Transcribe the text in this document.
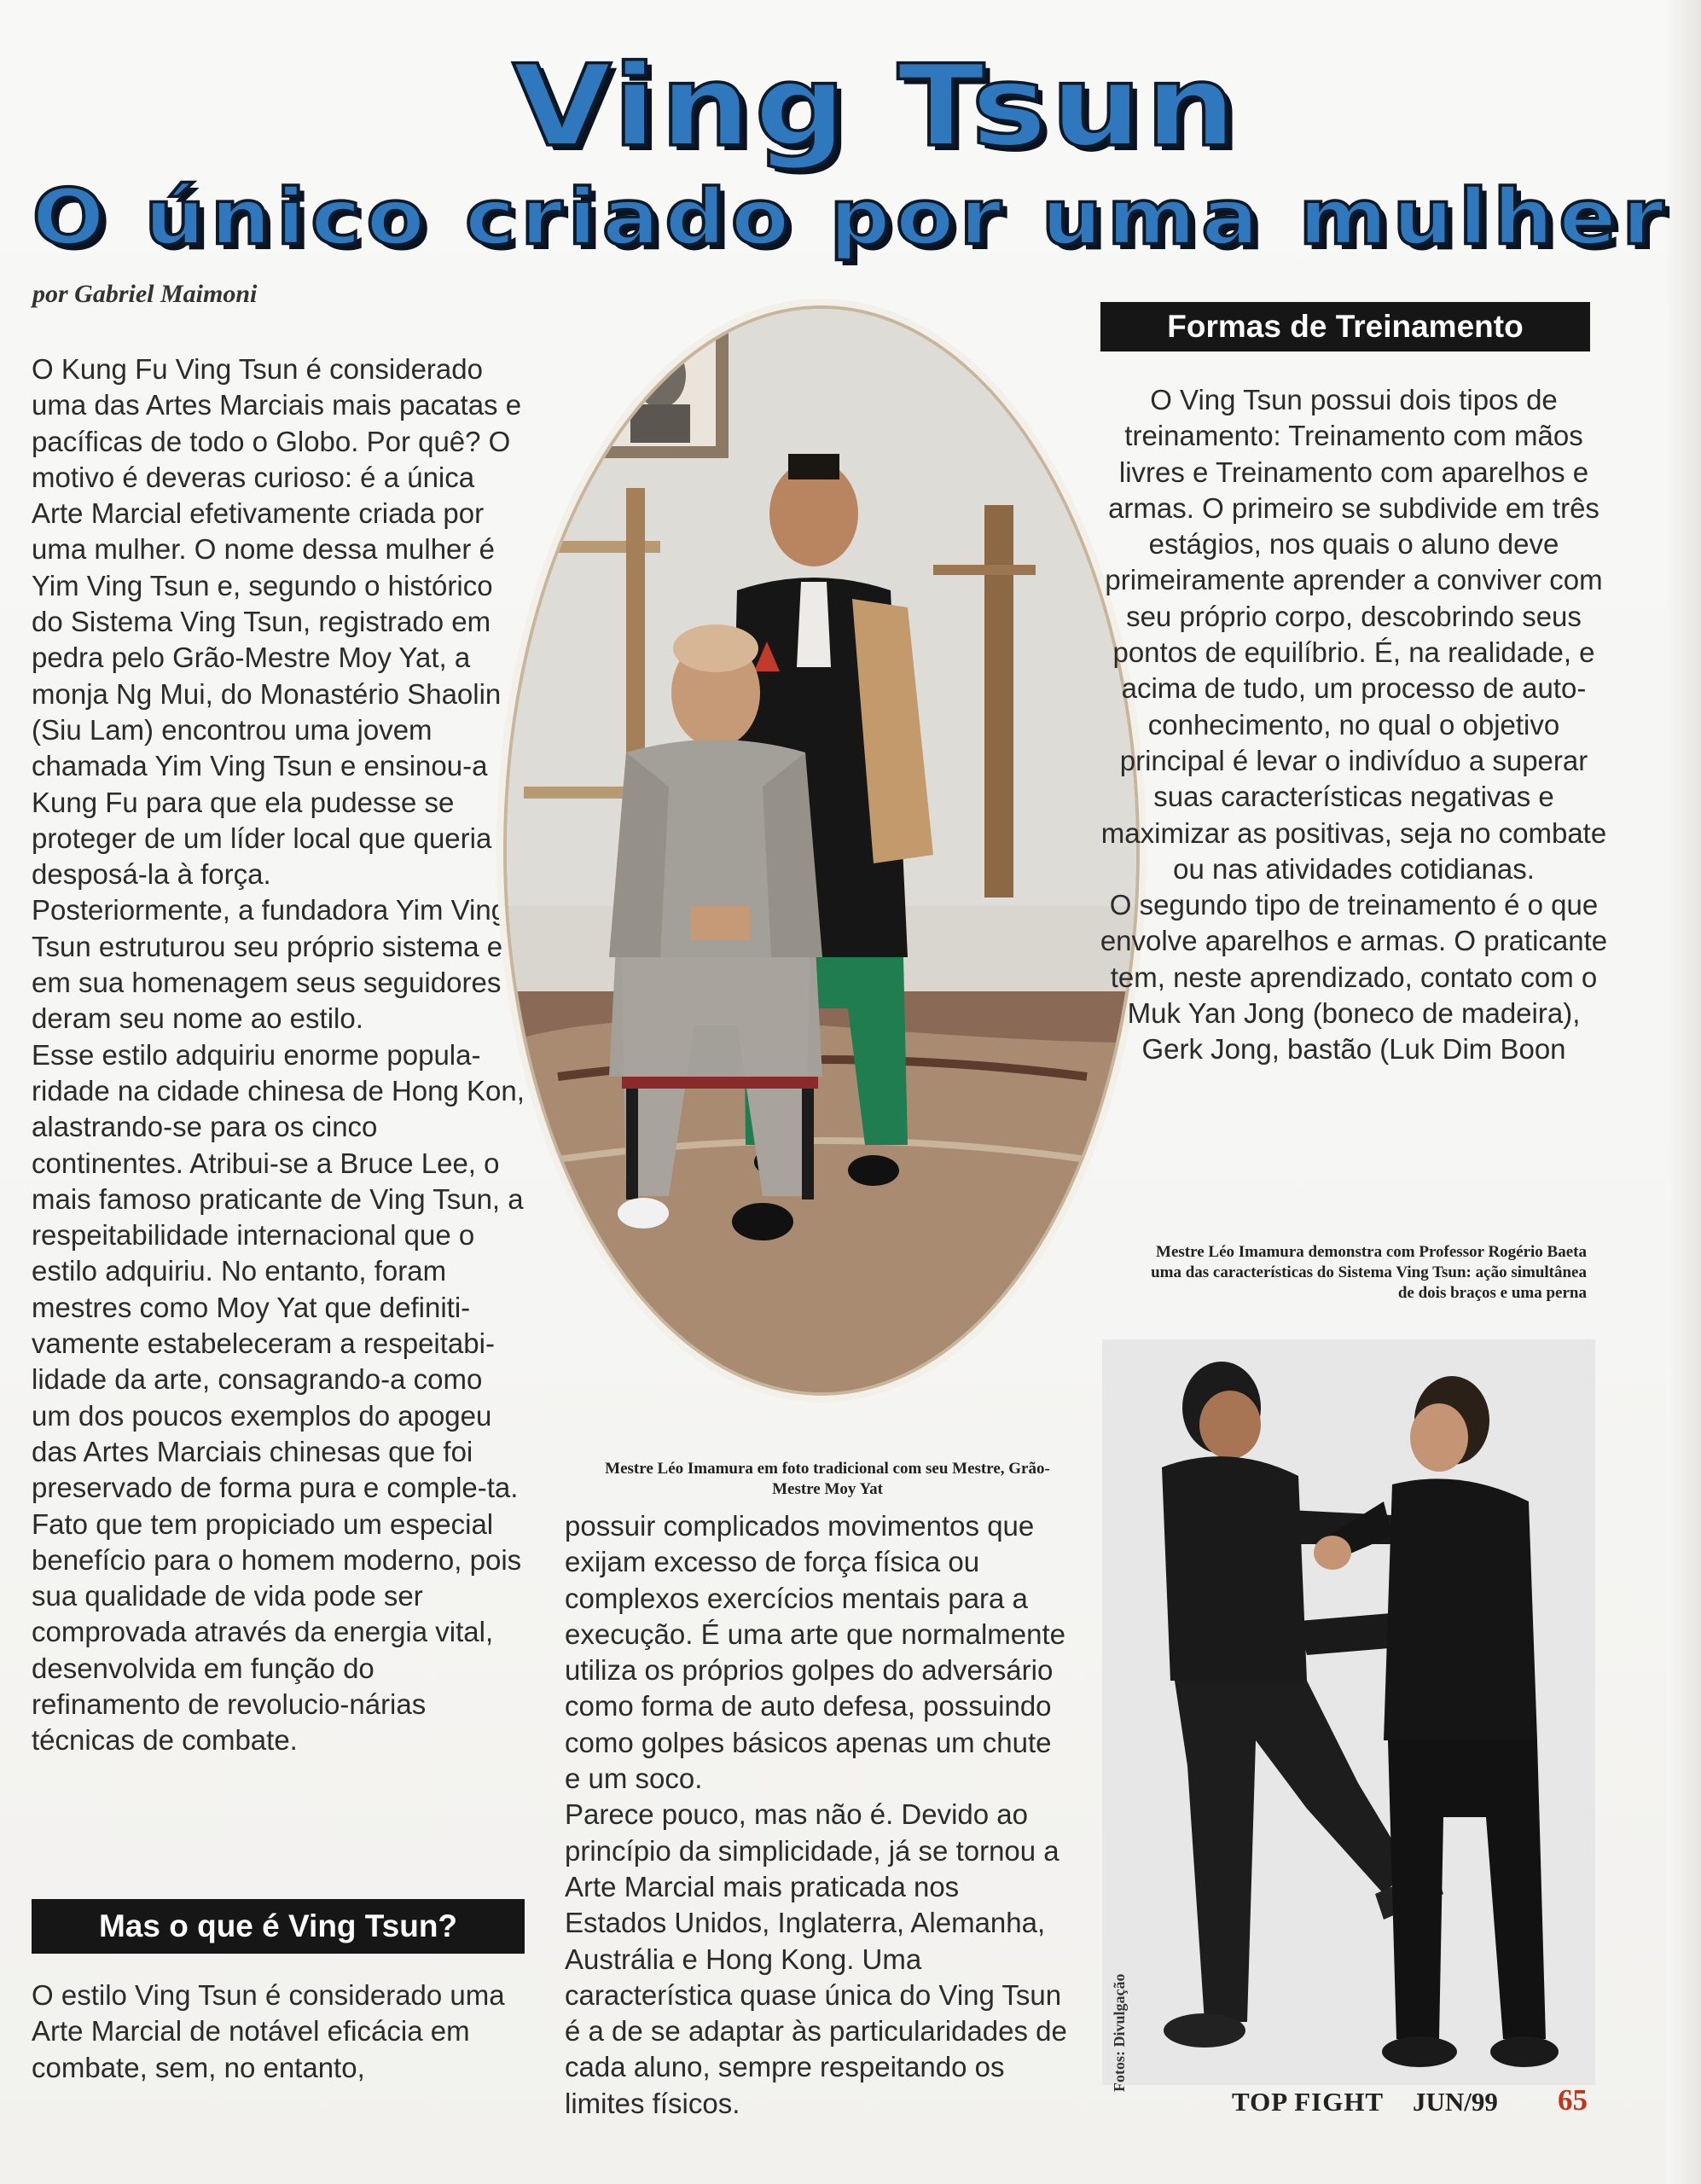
Ving Tsun
O único criado por uma mulher
por Gabriel Maimoni

O Kung Fu Ving Tsun é considerado uma das Artes Marciais mais pacatas e pacíficas de todo o Globo. Por quê? O motivo é deveras curioso: é a única Arte Marcial efetivamente criada por uma mulher. O nome dessa mulher é Yim Ving Tsun e, segundo o histórico do Sistema Ving Tsun, registrado em pedra pelo Grão-Mestre Moy Yat, a monja Ng Mui, do Monastério Shaolin (Siu Lam) encontrou uma jovem chamada Yim Ving Tsun e ensinou-a Kung Fu para que ela pudesse se proteger de um líder local que queria desposá-la à força.

Posteriormente, a fundadora Yim Ving Tsun estruturou seu próprio sistema e em sua homenagem seus seguidores deram seu nome ao estilo.

Esse estilo adquiriu enorme popula-ridade na cidade chinesa de Hong Kon, alastrando-se para os cinco continentes. Atribui-se a Bruce Lee, o mais famoso praticante de Ving Tsun, a respeitabilidade internacional que o estilo adquiriu. No entanto, foram mestres como Moy Yat que definiti-vamente estabeleceram a respeitabi-lidade da arte, consagrando-a como um dos poucos exemplos do apogeu das Artes Marciais chinesas que foi preservado de forma pura e comple-ta. Fato que tem propiciado um especial benefício para o homem moderno, pois sua qualidade de vida pode ser comprovada através da energia vital, desenvolvida em função do refinamento de revolucio-nárias técnicas de combate.

Mas o que é Ving Tsun?

O estilo Ving Tsun é considerado uma Arte Marcial de notável eficácia em combate, sem, no entanto,

Mestre Léo Imamura em foto tradicional com seu Mestre, Grão-Mestre Moy Yat

possuir complicados movimentos que exijam excesso de força física ou complexos exercícios mentais para a execução. É uma arte que normalmente utiliza os próprios golpes do adversário como forma de auto defesa, possuindo como golpes básicos apenas um chute e um soco.

Parece pouco, mas não é. Devido ao princípio da simplicidade, já se tornou a Arte Marcial mais praticada nos Estados Unidos, Inglaterra, Alemanha, Austrália e Hong Kong. Uma característica quase única do Ving Tsun é a de se adaptar às particularidades de cada aluno, sempre respeitando os limites físicos.

Formas de Treinamento

O Ving Tsun possui dois tipos de treinamento: Treinamento com mãos livres e Treinamento com aparelhos e armas. O primeiro se subdivide em três estágios, nos quais o aluno deve primeiramente aprender a conviver com seu próprio corpo, descobrindo seus pontos de equilíbrio. É, na realidade, e acima de tudo, um processo de auto-conhecimento, no qual o objetivo principal é levar o indivíduo a superar suas características negativas e maximizar as positivas, seja no combate ou nas atividades cotidianas.

O segundo tipo de treinamento é o que envolve aparelhos e armas. O praticante tem, neste aprendizado, contato com o Muk Yan Jong (boneco de madeira), Gerk Jong, bastão (Luk Dim Boon

Mestre Léo Imamura demonstra com Professor Rogério Baeta uma das características do Sistema Ving Tsun: ação simultânea de dois braços e uma perna
Fotos: Divulgação
TOP FIGHT JUN/99 65
